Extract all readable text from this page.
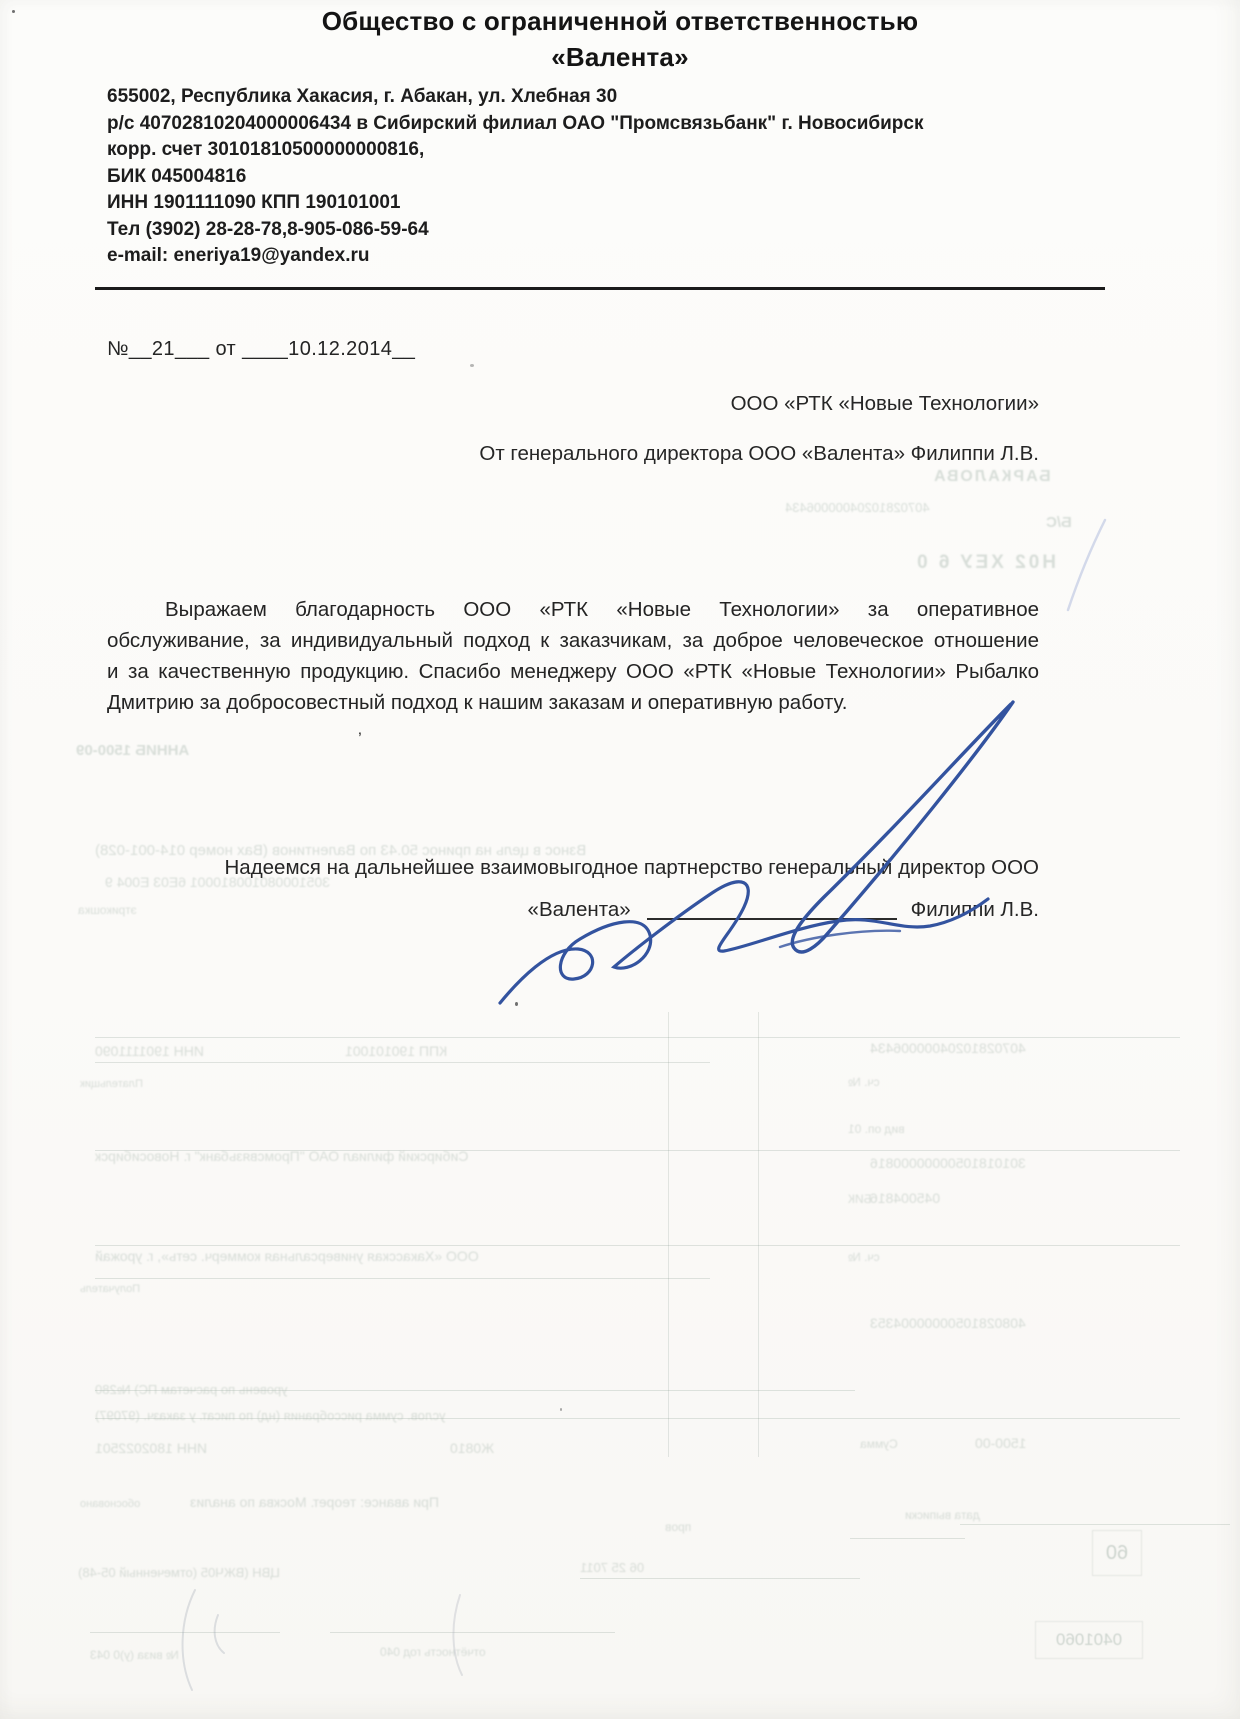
Общество с ограниченной ответственностью
«Валента»
655002, Республика Хакасия, г. Абакан, ул. Хлебная 30
р/с 40702810204000006434 в Сибирский филиал ОАО "Промсвязьбанк" г. Новосибирск
корр. счет 30101810500000000816,
БИК 045004816
ИНН 1901111090 КПП 190101001
Тел (3902) 28-28-78,8-905-086-59-64
e-mail: eneriya19@yandex.ru
№__21___ от ____10.12.2014__
ООО «РТК «Новые Технологии»
От генерального директора ООО «Валента» Филиппи Л.В.
Выражаем благодарность ООО «РТК «Новые Технологии» за оперативное
обслуживание, за индивидуальный подход к заказчикам, за доброе человеческое отношение
и за качественную продукцию. Спасибо менеджеру ООО «РТК «Новые Технологии» Рыбалко
Дмитрию за добросовестный подход к нашим заказам и оперативную работу.
’
Надеемся на дальнейшее взаимовыгодное партнерство генеральный директор ООО
«Валента»	Филиппи Л.В.
БАРКАЛОВА
40702810204000006434
Б/С
Н02 ХЕУ 6 0
АННИБ 1500-09
Взнос в цель на принос 50.43 по Валентинов (Вах номер 014-001-028)
305100080100810001 6Е03 Е004 9
этрикошка
ИНН 1901111090	КПП 190101001
сч. №
40702810204000006434
Плательщик
вид оп. 01
Сибирский филиал ОАО "Промсвязьбанк" г. Новосибирск
БИК
30101810500000000816
045004816
ООО «Хакасская универсальная коммерч. сеть», г. урожай	сч. №
40802810500000004353
Получатель
уровень по расчетам ПС) №280
услов. сумма риссобрания (нд) по писат. у заказч. (97097)
ИНН 1802022501	Ж0810	Сумма	1500-00
обосновано	При авансе: теорет. Москва по анализ
пров
дата выписки
ЦВН (ВЖЧ05 (отмеченный 05-48)	06 25 7011
№ виза (у)0 043	отчётность год 040
60
0401060
